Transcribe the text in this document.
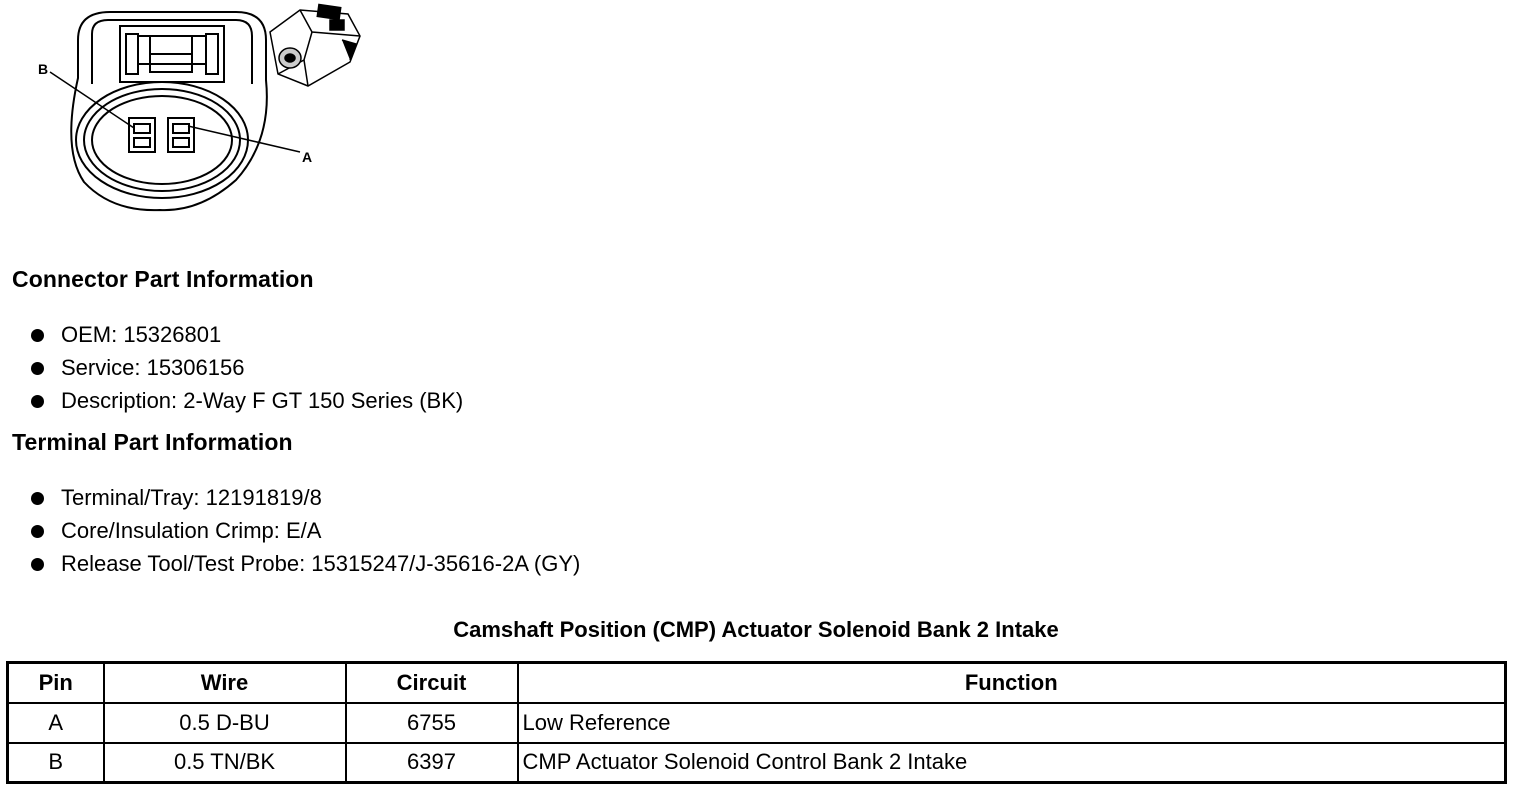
B
A
Connector Part Information
OEM: 15326801
Service: 15306156
Description: 2-Way F GT 150 Series (BK)
Terminal Part Information
Terminal/Tray: 12191819/8
Core/Insulation Crimp: E/A
Release Tool/Test Probe: 15315247/J-35616-2A (GY)
Camshaft Position (CMP) Actuator Solenoid Bank 2 Intake
Pin	Wire	Circuit	Function
A	0.5 D-BU	6755	Low Reference
B	0.5 TN/BK	6397	CMP Actuator Solenoid Control Bank 2 Intake
